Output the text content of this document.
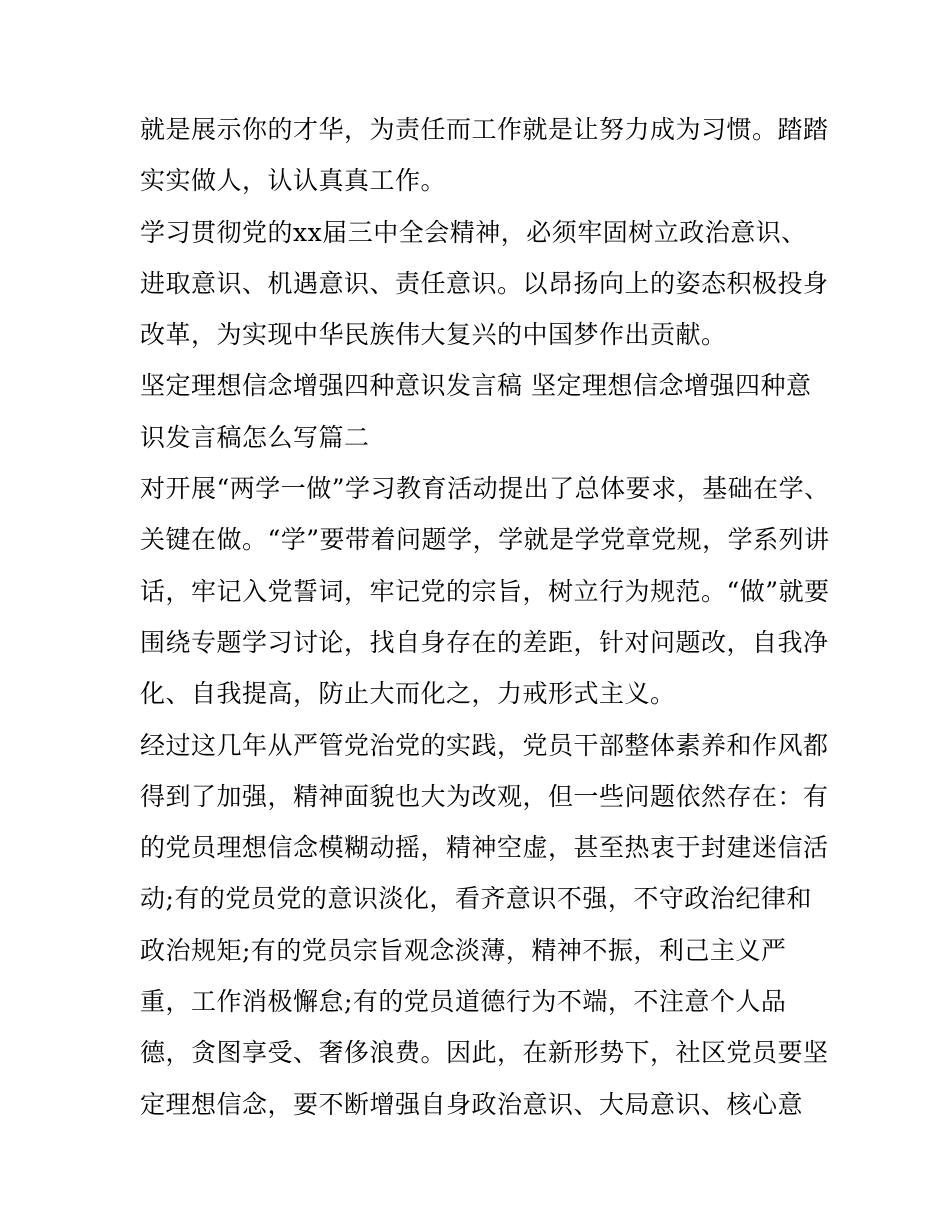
就是展示你的才华，为责任而工作就是让努力成为习惯。踏踏
实实做人，认认真真工作。
学习贯彻党的xx届三中全会精神，必须牢固树立政治意识、
进取意识、机遇意识、责任意识。以昂扬向上的姿态积极投身
改革，为实现中华民族伟大复兴的中国梦作出贡献。
坚定理想信念增强四种意识发言稿 坚定理想信念增强四种意
识发言稿怎么写篇二
对开展“两学一做”学习教育活动提出了总体要求，基础在学、
关键在做。“学”要带着问题学，学就是学党章党规，学系列讲
话，牢记入党誓词，牢记党的宗旨，树立行为规范。“做”就要
围绕专题学习讨论，找自身存在的差距，针对问题改，自我净
化、自我提高，防止大而化之，力戒形式主义。
经过这几年从严管党治党的实践，党员干部整体素养和作风都
得到了加强，精神面貌也大为改观，但一些问题依然存在：有
的党员理想信念模糊动摇，精神空虚，甚至热衷于封建迷信活
动;有的党员党的意识淡化，看齐意识不强，不守政治纪律和
政治规矩;有的党员宗旨观念淡薄，精神不振，利己主义严
重，工作消极懈怠;有的党员道德行为不端，不注意个人品
德，贪图享受、奢侈浪费。因此，在新形势下，社区党员要坚
定理想信念，要不断增强自身政治意识、大局意识、核心意
